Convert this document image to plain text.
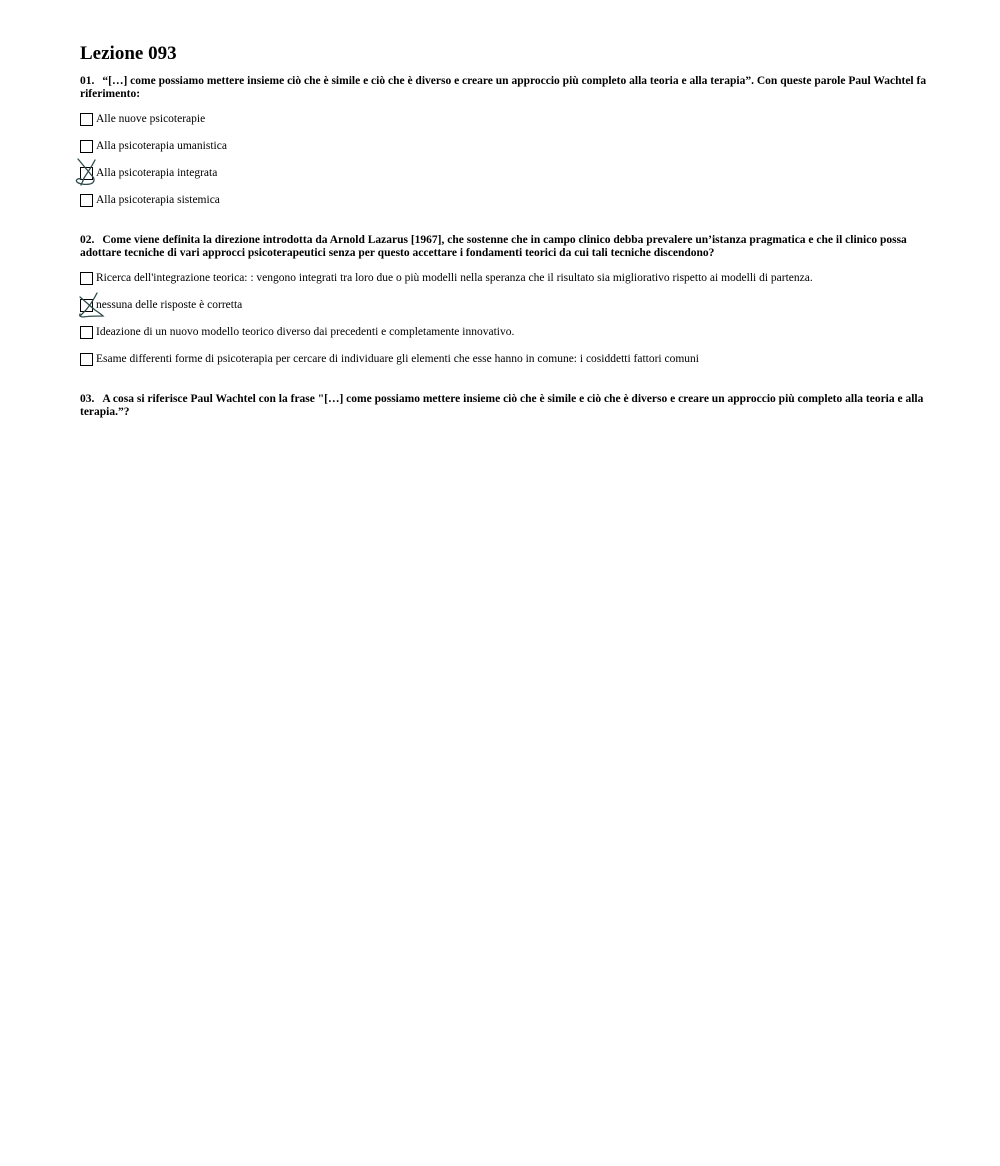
Lezione 093

01. “[…] come possiamo mettere insieme ciò che è simile e ciò che è diverso e creare un approccio più completo alla teoria e alla terapia”. Con queste parole Paul Wachtel fa riferimento:

Alle nuove psicoterapie
Alla psicoterapia umanistica
Alla psicoterapia integrata
Alla psicoterapia sistemica

02. Come viene definita la direzione introdotta da Arnold Lazarus [1967], che sostenne che in campo clinico debba prevalere un’istanza pragmatica e che il clinico possa adottare tecniche di vari approcci psicoterapeutici senza per questo accettare i fondamenti teorici da cui tali tecniche discendono?

Ricerca dell'integrazione teorica: : vengono integrati tra loro due o più modelli nella speranza che il risultato sia migliorativo rispetto ai modelli di partenza.
nessuna delle risposte è corretta
Ideazione di un nuovo modello teorico diverso dai precedenti e completamente innovativo.
Esame differenti forme di psicoterapia per cercare di individuare gli elementi che esse hanno in comune: i cosiddetti fattori comuni

03. A cosa si riferisce Paul Wachtel con la frase "[…] come possiamo mettere insieme ciò che è simile e ciò che è diverso e creare un approccio più completo alla teoria e alla terapia.”?
